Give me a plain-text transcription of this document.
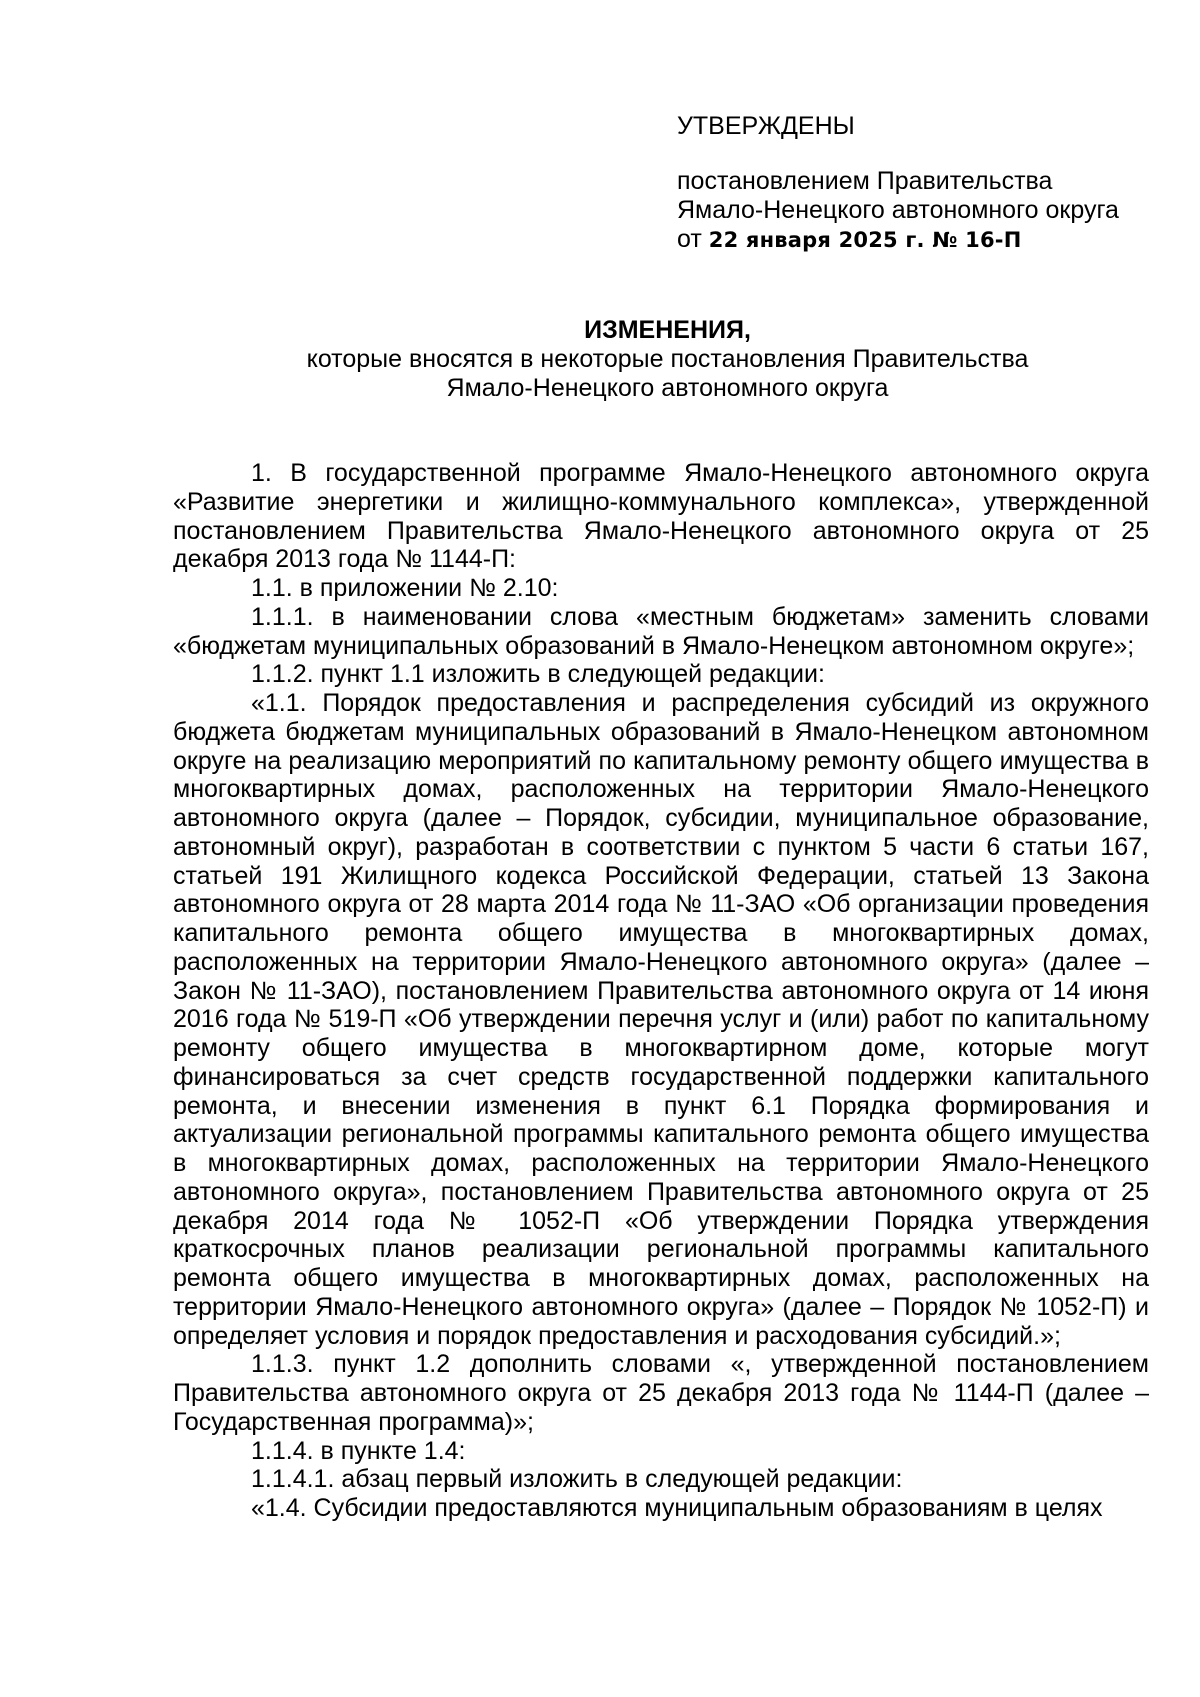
УТВЕРЖДЕНЫ
постановлением Правительства
Ямало-Ненецкого автономного округа
от 22 января 2025 г. № 16-П
ИЗМЕНЕНИЯ,
которые вносятся в некоторые постановления Правительства
Ямало-Ненецкого автономного округа

1. В государственной программе Ямало-Ненецкого автономного округа «Развитие энергетики и жилищно-коммунального комплекса», утвержденной постановлением Правительства Ямало-Ненецкого автономного округа от 25 декабря 2013 года № 1144-П:

1.1. в приложении № 2.10:

1.1.1. в наименовании слова «местным бюджетам» заменить словами «бюджетам муниципальных образований в Ямало-Ненецком автономном округе»;

1.1.2. пункт 1.1 изложить в следующей редакции:

«1.1. Порядок предоставления и распределения субсидий из окружного бюджета бюджетам муниципальных образований в Ямало-Ненецком автономном округе на реализацию мероприятий по капитальному ремонту общего имущества в многоквартирных домах, расположенных на территории Ямало-Ненецкого автономного округа (далее – Порядок, субсидии, муниципальное образование, автономный округ), разработан в соответствии с пунктом 5 части 6 статьи 167, статьей 191 Жилищного кодекса Российской Федерации, статьей 13 Закона автономного округа от 28 марта 2014 года № 11-ЗАО «Об организации проведения капитального ремонта общего имущества в многоквартирных домах, расположенных на территории Ямало-Ненецкого автономного округа» (далее – Закон № 11-ЗАО), постановлением Правительства автономного округа от 14 июня 2016 года № 519-П «Об утверждении перечня услуг и (или) работ по капитальному ремонту общего имущества в многоквартирном доме, которые могут финансироваться за счет средств государственной поддержки капитального ремонта, и внесении изменения в пункт 6.1 Порядка формирования и актуализации региональной программы капитального ремонта общего имущества в многоквартирных домах, расположенных на территории Ямало-Ненецкого автономного округа», постановлением Правительства автономного округа от 25 декабря 2014 года № 1052-П «Об утверждении Порядка утверждения краткосрочных планов реализации региональной программы капитального ремонта общего имущества в многоквартирных домах, расположенных на территории Ямало-Ненецкого автономного округа» (далее – Порядок № 1052-П) и определяет условия и порядок предоставления и расходования субсидий.»;

1.1.3. пункт 1.2 дополнить словами «, утвержденной постановлением Правительства автономного округа от 25 декабря 2013 года № 1144-П (далее – Государственная программа)»;

1.1.4. в пункте 1.4:

1.1.4.1. абзац первый изложить в следующей редакции:

«1.4. Субсидии предоставляются муниципальным образованиям в целях
